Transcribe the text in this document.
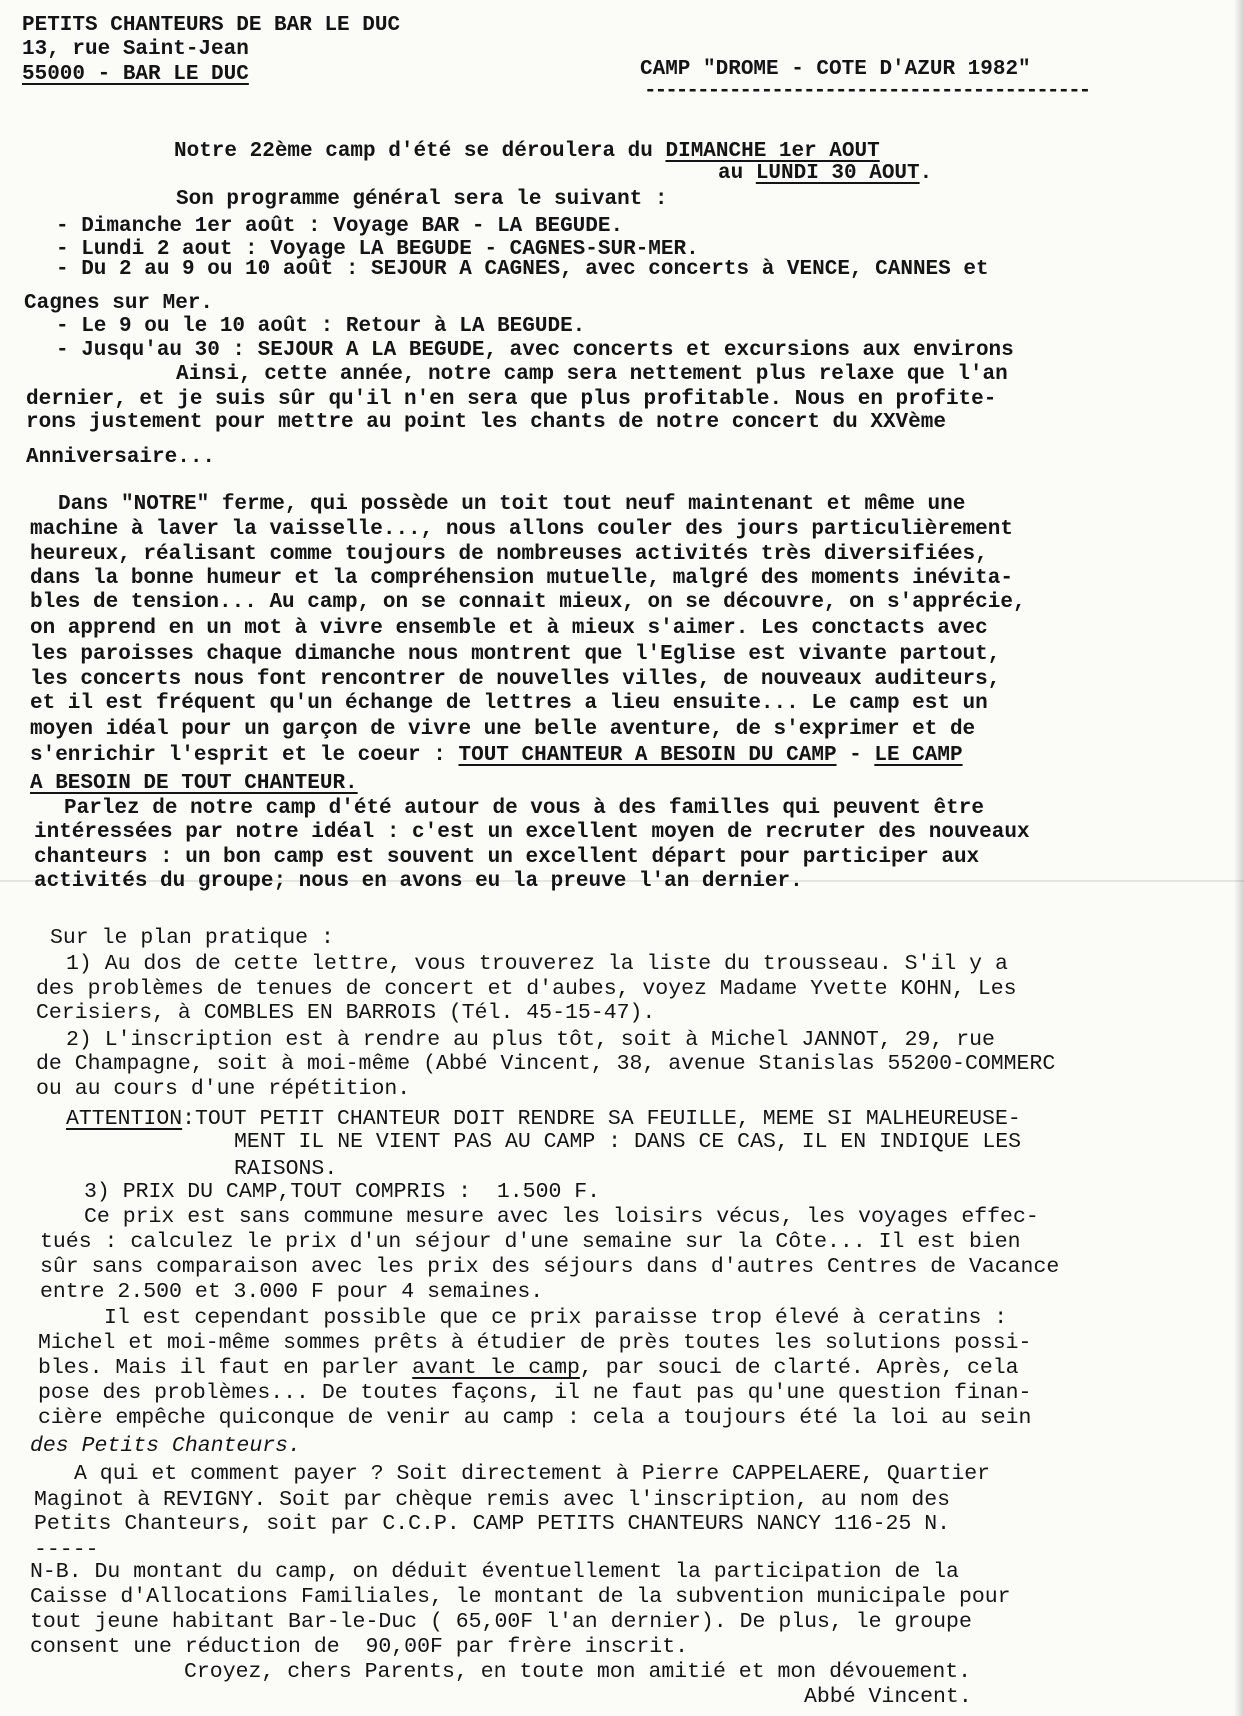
PETITS CHANTEURS DE BAR LE DUC
13, rue Saint-Jean
55000 - BAR LE DUC	CAMP "DROME - COTE D'AZUR 1982"
------------------------------------------
Notre 22ème camp d'été se déroulera du DIMANCHE 1er AOUT
au LUNDI 30 AOUT.
Son programme général sera le suivant :
- Dimanche 1er août : Voyage BAR - LA BEGUDE.
- Lundi 2 aout : Voyage LA BEGUDE - CAGNES-SUR-MER.
- Du 2 au 9 ou 10 août : SEJOUR A CAGNES, avec concerts à VENCE, CANNES et
Cagnes sur Mer.
- Le 9 ou le 10 août : Retour à LA BEGUDE.
- Jusqu'au 30 : SEJOUR A LA BEGUDE, avec concerts et excursions aux environs
Ainsi, cette année, notre camp sera nettement plus relaxe que l'an
dernier, et je suis sûr qu'il n'en sera que plus profitable. Nous en profite-
rons justement pour mettre au point les chants de notre concert du XXVème
Anniversaire...
Dans "NOTRE" ferme, qui possède un toit tout neuf maintenant et même une
machine à laver la vaisselle..., nous allons couler des jours particulièrement
heureux, réalisant comme toujours de nombreuses activités très diversifiées,
dans la bonne humeur et la compréhension mutuelle, malgré des moments inévita-
bles de tension... Au camp, on se connait mieux, on se découvre, on s'apprécie,
on apprend en un mot à vivre ensemble et à mieux s'aimer. Les conctacts avec
les paroisses chaque dimanche nous montrent que l'Eglise est vivante partout,
les concerts nous font rencontrer de nouvelles villes, de nouveaux auditeurs,
et il est fréquent qu'un échange de lettres a lieu ensuite... Le camp est un
moyen idéal pour un garçon de vivre une belle aventure, de s'exprimer et de
s'enrichir l'esprit et le coeur : TOUT CHANTEUR A BESOIN DU CAMP - LE CAMP
A BESOIN DE TOUT CHANTEUR.
Parlez de notre camp d'été autour de vous à des familles qui peuvent être
intéressées par notre idéal : c'est un excellent moyen de recruter des nouveaux
chanteurs : un bon camp est souvent un excellent départ pour participer aux
activités du groupe; nous en avons eu la preuve l'an dernier.
Sur le plan pratique :
1) Au dos de cette lettre, vous trouverez la liste du trousseau. S'il y a
des problèmes de tenues de concert et d'aubes, voyez Madame Yvette KOHN, Les
Cerisiers, à COMBLES EN BARROIS (Tél. 45-15-47).
2) L'inscription est à rendre au plus tôt, soit à Michel JANNOT, 29, rue
de Champagne, soit à moi-même (Abbé Vincent, 38, avenue Stanislas 55200-COMMERC
ou au cours d'une répétition.
ATTENTION:TOUT PETIT CHANTEUR DOIT RENDRE SA FEUILLE, MEME SI MALHEUREUSE-
MENT IL NE VIENT PAS AU CAMP : DANS CE CAS, IL EN INDIQUE LES
RAISONS.
3) PRIX DU CAMP,TOUT COMPRIS :  1.500 F.
Ce prix est sans commune mesure avec les loisirs vécus, les voyages effec-
tués : calculez le prix d'un séjour d'une semaine sur la Côte... Il est bien
sûr sans comparaison avec les prix des séjours dans d'autres Centres de Vacance
entre 2.500 et 3.000 F pour 4 semaines.
Il est cependant possible que ce prix paraisse trop élevé à ceratins :
Michel et moi-même sommes prêts à étudier de près toutes les solutions possi-
bles. Mais il faut en parler avant le camp, par souci de clarté. Après, cela
pose des problèmes... De toutes façons, il ne faut pas qu'une question finan-
cière empêche quiconque de venir au camp : cela a toujours été la loi au sein
des Petits Chanteurs.
A qui et comment payer ? Soit directement à Pierre CAPPELAERE, Quartier
Maginot à REVIGNY. Soit par chèque remis avec l'inscription, au nom des
Petits Chanteurs, soit par C.C.P. CAMP PETITS CHANTEURS NANCY 116-25 N.
-----
N-B. Du montant du camp, on déduit éventuellement la participation de la
Caisse d'Allocations Familiales, le montant de la subvention municipale pour
tout jeune habitant Bar-le-Duc ( 65,00F l'an dernier). De plus, le groupe
consent une réduction de  90,00F par frère inscrit.
Croyez, chers Parents, en toute mon amitié et mon dévouement.
Abbé Vincent.
